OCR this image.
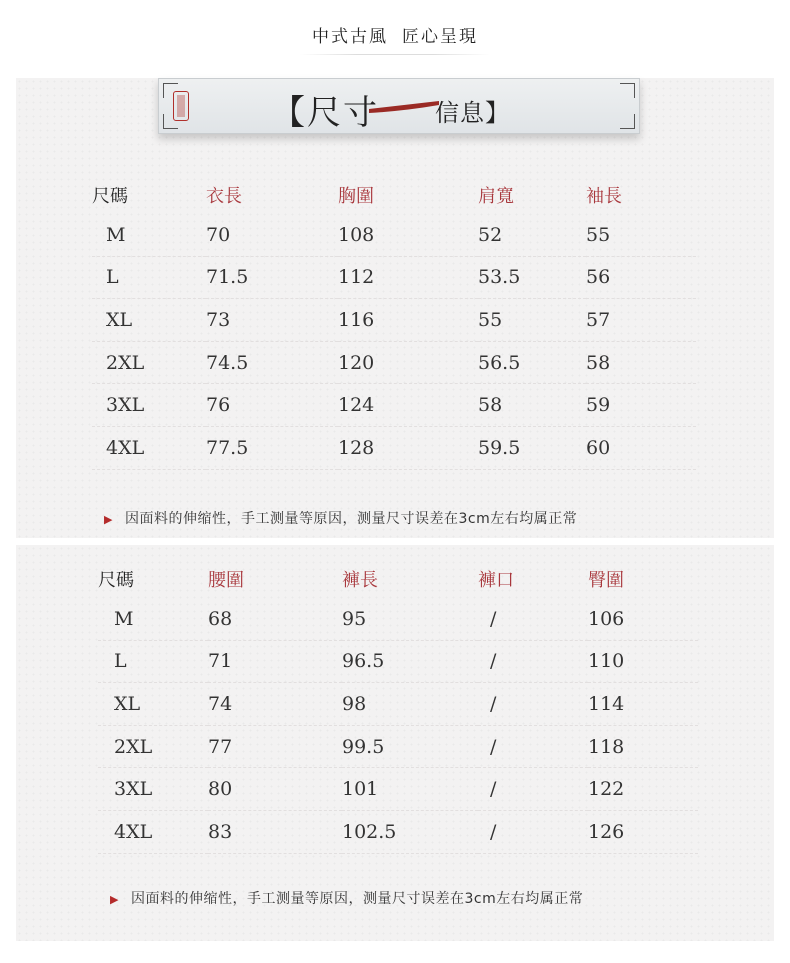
中式古風 匠心呈現
【尺寸 信息】
尺碼	衣長	胸圍	肩寬	袖長
M	70	108	52	55
L	71.5	112	53.5	56
XL	73	116	55	57
2XL	74.5	120	56.5	58
3XL	76	124	58	59
4XL	77.5	128	59.5	60
▶ 因面料的伸缩性，手工测量等原因，测量尺寸误差在3cm左右均属正常
尺碼	腰圍	褲長	褲口	臀圍
M	68	95	/	106
L	71	96.5	/	110
XL	74	98	/	114
2XL	77	99.5	/	118
3XL	80	101	/	122
4XL	83	102.5	/	126
▶ 因面料的伸缩性，手工测量等原因，测量尺寸误差在3cm左右均属正常
